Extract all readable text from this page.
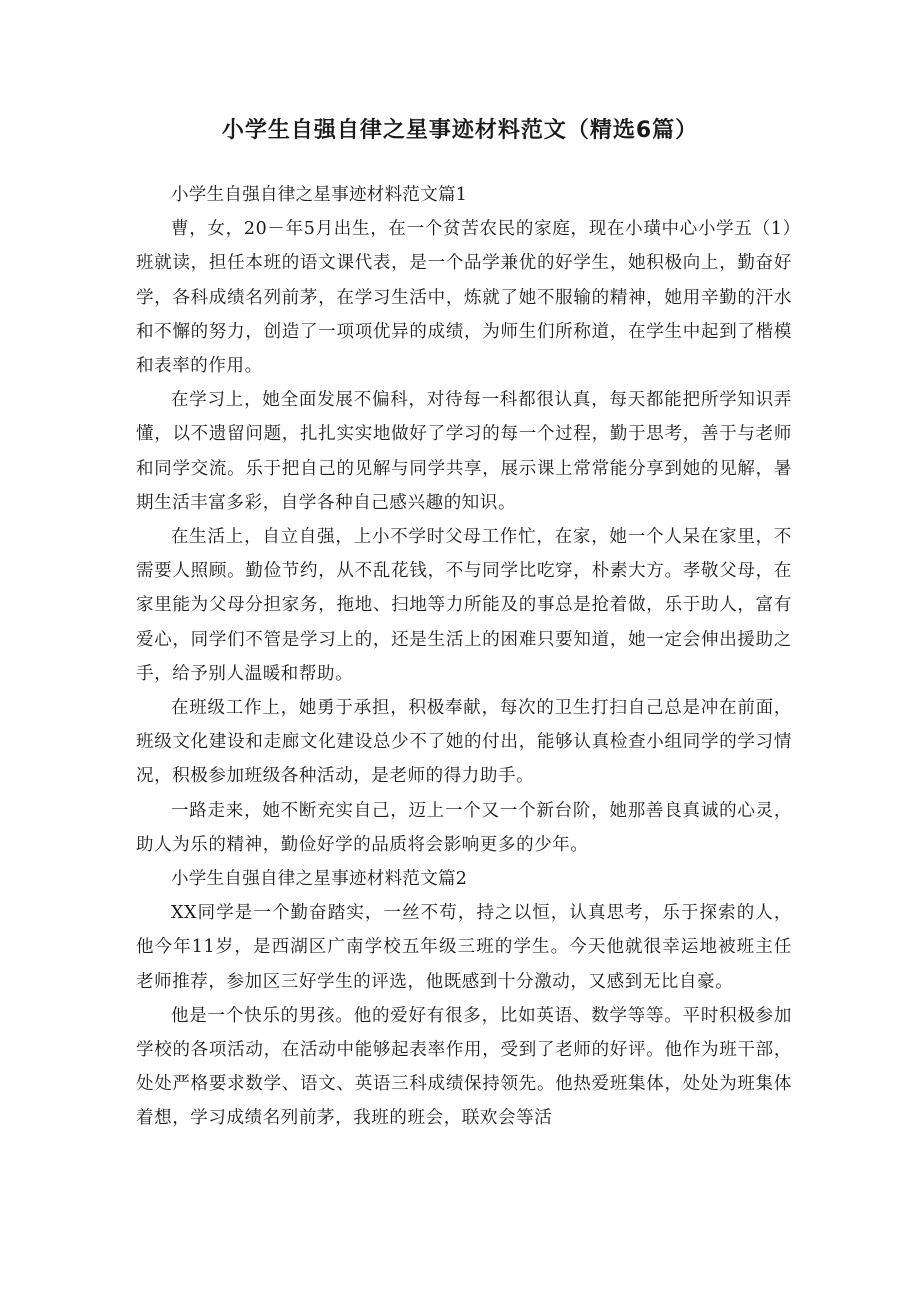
小学生自强自律之星事迹材料范文（精选6篇）

小学生自强自律之星事迹材料范文篇1

曹，女，20－年5月出生，在一个贫苦农民的家庭，现在小璜中心小学五（1）班就读，担任本班的语文课代表，是一个品学兼优的好学生，她积极向上，勤奋好学，各科成绩名列前茅，在学习生活中，炼就了她不服输的精神，她用辛勤的汗水和不懈的努力，创造了一项项优异的成绩，为师生们所称道，在学生中起到了楷模和表率的作用。

在学习上，她全面发展不偏科，对待每一科都很认真，每天都能把所学知识弄懂，以不遗留问题，扎扎实实地做好了学习的每一个过程，勤于思考，善于与老师和同学交流。乐于把自己的见解与同学共享，展示课上常常能分享到她的见解，暑期生活丰富多彩，自学各种自己感兴趣的知识。

在生活上，自立自强，上小不学时父母工作忙，在家，她一个人呆在家里，不需要人照顾。勤俭节约，从不乱花钱，不与同学比吃穿，朴素大方。孝敬父母，在家里能为父母分担家务，拖地、扫地等力所能及的事总是抢着做，乐于助人，富有爱心，同学们不管是学习上的，还是生活上的困难只要知道，她一定会伸出援助之手，给予别人温暖和帮助。

在班级工作上，她勇于承担，积极奉献，每次的卫生打扫自己总是冲在前面，班级文化建设和走廊文化建设总少不了她的付出，能够认真检查小组同学的学习情况，积极参加班级各种活动，是老师的得力助手。

一路走来，她不断充实自己，迈上一个又一个新台阶，她那善良真诚的心灵，助人为乐的精神，勤俭好学的品质将会影响更多的少年。

小学生自强自律之星事迹材料范文篇2

XX同学是一个勤奋踏实，一丝不苟，持之以恒，认真思考，乐于探索的人，他今年11岁，是西湖区广南学校五年级三班的学生。今天他就很幸运地被班主任老师推荐，参加区三好学生的评选，他既感到十分激动，又感到无比自豪。

他是一个快乐的男孩。他的爱好有很多，比如英语、数学等等。平时积极参加学校的各项活动，在活动中能够起表率作用，受到了老师的好评。他作为班干部，处处严格要求数学、语文、英语三科成绩保持领先。他热爱班集体，处处为班集体着想，学习成绩名列前茅，我班的班会，联欢会等活
